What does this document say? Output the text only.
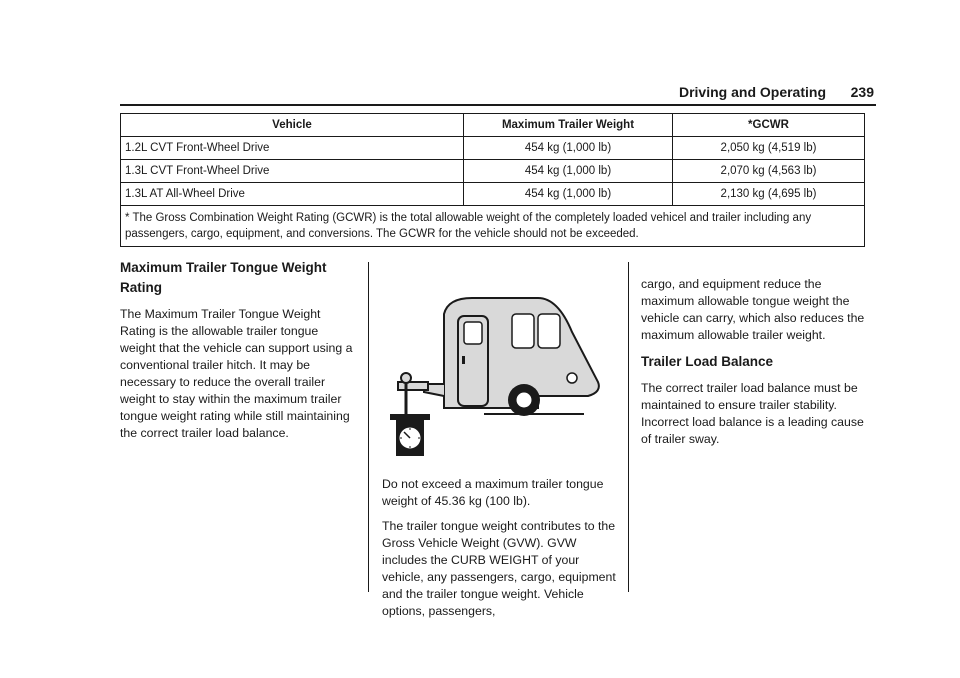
Driving and Operating 239
Vehicle	Maximum Trailer Weight	*GCWR
1.2L CVT Front-Wheel Drive	454 kg (1,000 lb)	2,050 kg (4,519 lb)
1.3L CVT Front-Wheel Drive	454 kg (1,000 lb)	2,070 kg (4,563 lb)
1.3L AT All-Wheel Drive	454 kg (1,000 lb)	2,130 kg (4,695 lb)
* The Gross Combination Weight Rating (GCWR) is the total allowable weight of the completely loaded vehicel and trailer including any passengers, cargo, equipment, and conversions. The GCWR for the vehicle should not be exceeded.		
Maximum Trailer Tongue Weight Rating

The Maximum Trailer Tongue Weight Rating is the allowable trailer tongue weight that the vehicle can support using a conventional trailer hitch. It may be necessary to reduce the overall trailer weight to stay within the maximum trailer tongue weight rating while still maintaining the correct trailer load balance.

Do not exceed a maximum trailer tongue weight of 45.36 kg (100 lb).

The trailer tongue weight contributes to the Gross Vehicle Weight (GVW). GVW includes the CURB WEIGHT of your vehicle, any passengers, cargo, equipment and the trailer tongue weight. Vehicle options, passengers,

cargo, and equipment reduce the maximum allowable tongue weight the vehicle can carry, which also reduces the maximum allowable trailer weight.

Trailer Load Balance

The correct trailer load balance must be maintained to ensure trailer stability. Incorrect load balance is a leading cause of trailer sway.
